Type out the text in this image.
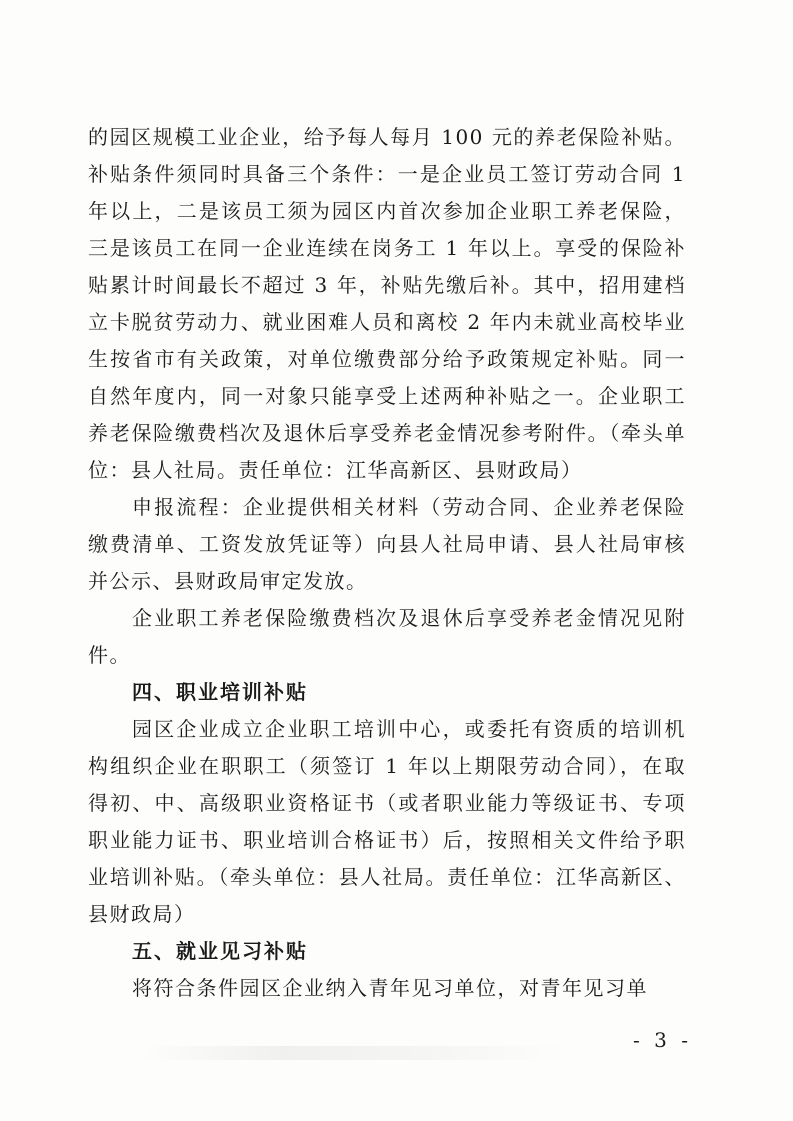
的园区规模工业企业，给予每人每月 100 元的养老保险补贴。补贴条件须同时具备三个条件：一是企业员工签订劳动合同 1 年以上，二是该员工须为园区内首次参加企业职工养老保险，三是该员工在同一企业连续在岗务工 1 年以上。享受的保险补贴累计时间最长不超过 3 年，补贴先缴后补。其中，招用建档立卡脱贫劳动力、就业困难人员和离校 2 年内未就业高校毕业生按省市有关政策，对单位缴费部分给予政策规定补贴。同一自然年度内，同一对象只能享受上述两种补贴之一。企业职工养老保险缴费档次及退休后享受养老金情况参考附件。（牵头单位：县人社局。责任单位：江华高新区、县财政局）

申报流程：企业提供相关材料（劳动合同、企业养老保险缴费清单、工资发放凭证等）向县人社局申请、县人社局审核并公示、县财政局审定发放。

企业职工养老保险缴费档次及退休后享受养老金情况见附件。

四、职业培训补贴

园区企业成立企业职工培训中心，或委托有资质的培训机构组织企业在职职工（须签订 1 年以上期限劳动合同），在取得初、中、高级职业资格证书（或者职业能力等级证书、专项职业能力证书、职业培训合格证书）后，按照相关文件给予职业培训补贴。（牵头单位：县人社局。责任单位：江华高新区、县财政局）

五、就业见习补贴

将符合条件园区企业纳入青年见习单位，对青年见习单

- 3 -
